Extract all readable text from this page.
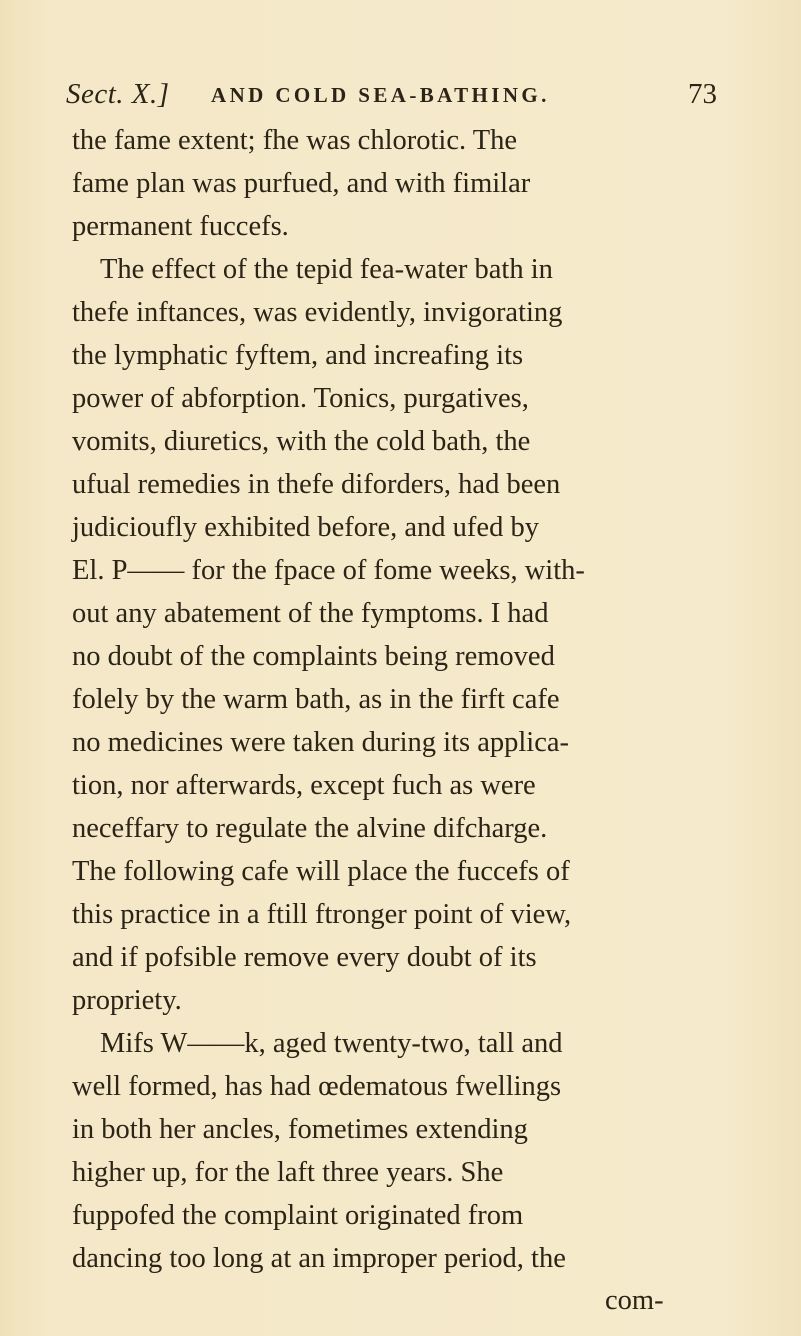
Sect. X.] AND COLD SEA-BATHING.	73
the fame extent; fhe was chlorotic. The
fame plan was purfued, and with fimilar
permanent fuccefs.
The effect of the tepid fea-water bath in
thefe inftances, was evidently, invigorating
the lymphatic fyftem, and increafing its
power of abforption. Tonics, purgatives,
vomits, diuretics, with the cold bath, the
ufual remedies in thefe diforders, had been
judicioufly exhibited before, and ufed by
El. P—— for the fpace of fome weeks, with-
out any abatement of the fymptoms. I had
no doubt of the complaints being removed
folely by the warm bath, as in the firft cafe
no medicines were taken during its applica-
tion, nor afterwards, except fuch as were
neceffary to regulate the alvine difcharge.
The following cafe will place the fuccefs of
this practice in a ftill ftronger point of view,
and if pofsible remove every doubt of its
propriety.
Mifs W——k, aged twenty-two, tall and
well formed, has had œdematous fwellings
in both her ancles, fometimes extending
higher up, for the laft three years. She
fuppofed the complaint originated from
dancing too long at an improper period, the
com-
